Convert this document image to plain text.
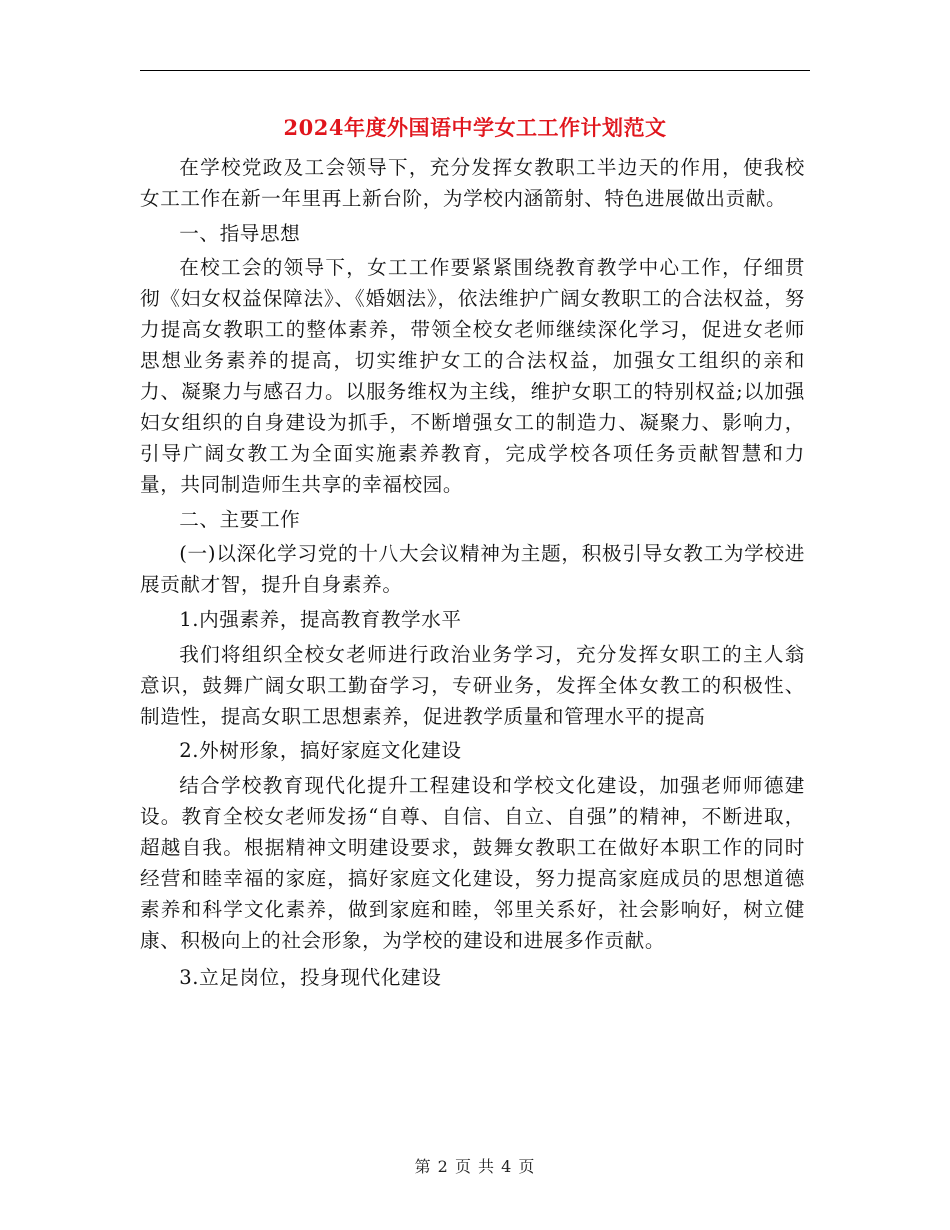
2024年度外国语中学女工工作计划范文

在学校党政及工会领导下，充分发挥女教职工半边天的作用，使我校女工工作在新一年里再上新台阶，为学校内涵箭射、特色进展做出贡献。

一、指导思想

在校工会的领导下，女工工作要紧紧围绕教育教学中心工作，仔细贯彻《妇女权益保障法》、《婚姻法》，依法维护广阔女教职工的合法权益，努力提高女教职工的整体素养，带领全校女老师继续深化学习，促进女老师思想业务素养的提高，切实维护女工的合法权益，加强女工组织的亲和力、凝聚力与感召力。以服务维权为主线，维护女职工的特别权益;以加强妇女组织的自身建设为抓手，不断增强女工的制造力、凝聚力、影响力，引导广阔女教工为全面实施素养教育，完成学校各项任务贡献智慧和力量，共同制造师生共享的幸福校园。

二、主要工作

(一)以深化学习党的十八大会议精神为主题，积极引导女教工为学校进展贡献才智，提升自身素养。

1.内强素养，提高教育教学水平

我们将组织全校女老师进行政治业务学习，充分发挥女职工的主人翁意识，鼓舞广阔女职工勤奋学习，专研业务，发挥全体女教工的积极性、制造性，提高女职工思想素养，促进教学质量和管理水平的提高

2.外树形象，搞好家庭文化建设

结合学校教育现代化提升工程建设和学校文化建设，加强老师师德建设。教育全校女老师发扬“自尊、自信、自立、自强”的精神，不断进取，超越自我。根据精神文明建设要求，鼓舞女教职工在做好本职工作的同时经营和睦幸福的家庭，搞好家庭文化建设，努力提高家庭成员的思想道德素养和科学文化素养，做到家庭和睦，邻里关系好，社会影响好，树立健康、积极向上的社会形象，为学校的建设和进展多作贡献。

3.立足岗位，投身现代化建设

第 2 页 共 4 页
